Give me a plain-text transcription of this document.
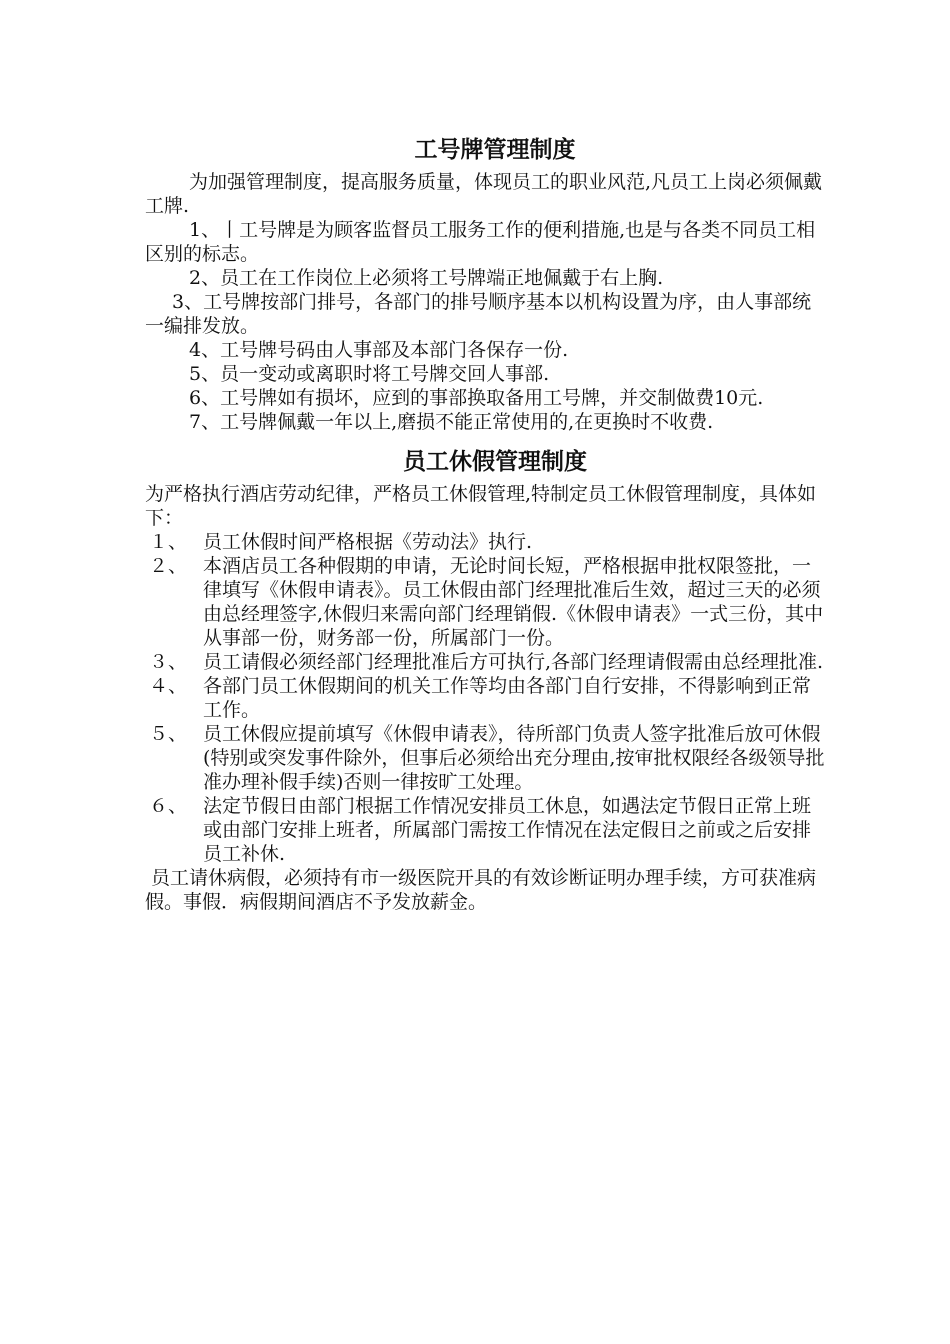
工号牌管理制度

为加强管理制度，提高服务质量，体现员工的职业风范,凡员工上岗必须佩戴工牌.

1、丨工号牌是为顾客监督员工服务工作的便利措施,也是与各类不同员工相区别的标志。

2、员工在工作岗位上必须将工号牌端正地佩戴于右上胸.

3、工号牌按部门排号，各部门的排号顺序基本以机构设置为序，由人事部统一编排发放。

4、工号牌号码由人事部及本部门各保存一份.

5、员一变动或离职时将工号牌交回人事部.

6、工号牌如有损坏，应到的事部换取备用工号牌，并交制做费10元.

7、工号牌佩戴一年以上,磨损不能正常使用的,在更换时不收费.

员工休假管理制度

为严格执行酒店劳动纪律，严格员工休假管理,特制定员工休假管理制度，具体如下：

１、 员工休假时间严格根据《劳动法》执行.
２、 本酒店员工各种假期的申请，无论时间长短，严格根据申批权限签批，一律填写《休假申请表》。员工休假由部门经理批准后生效，超过三天的必须由总经理签字,休假归来需向部门经理销假.《休假申请表》一式三份，其中从事部一份，财务部一份，所属部门一份。
３、 员工请假必须经部门经理批准后方可执行,各部门经理请假需由总经理批准.
４、 各部门员工休假期间的机关工作等均由各部门自行安排，不得影响到正常工作。
５、 员工休假应提前填写《休假申请表》，待所部门负责人签字批准后放可休假(特别或突发事件除外，但事后必须给出充分理由,按审批权限经各级领导批准办理补假手续)否则一律按旷工处理。
６、 法定节假日由部门根据工作情况安排员工休息，如遇法定节假日正常上班或由部门安排上班者，所属部门需按工作情况在法定假日之前或之后安排员工补休.

员工请休病假，必须持有市一级医院开具的有效诊断证明办理手续，方可获准病假。事假．病假期间酒店不予发放薪金。
